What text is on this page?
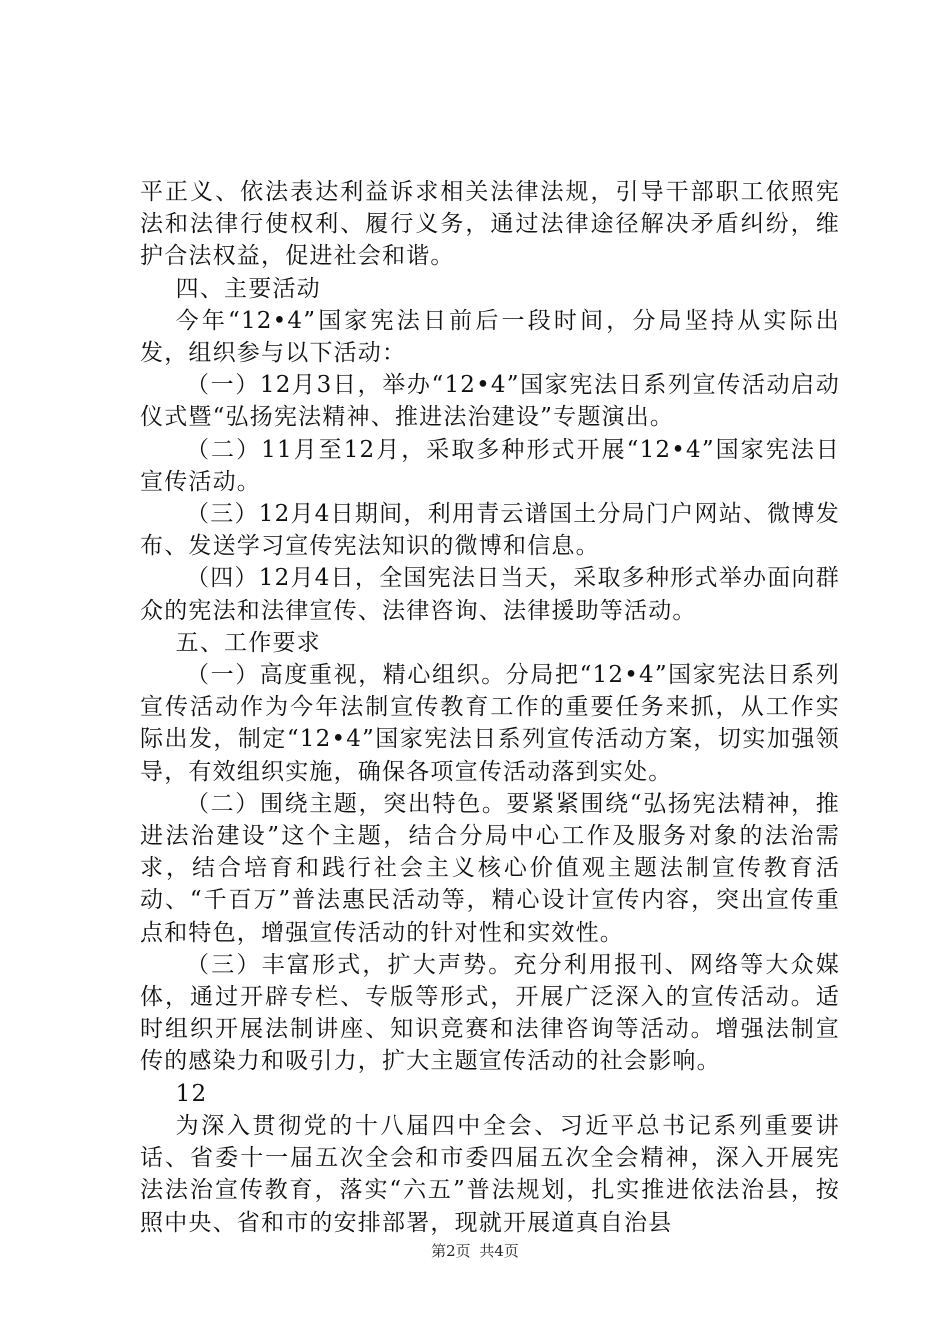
平正义、依法表达利益诉求相关法律法规，引导干部职工依照宪法和法律行使权利、履行义务，通过法律途径解决矛盾纠纷，维护合法权益，促进社会和谐。

四、主要活动

今年“12•4”国家宪法日前后一段时间，分局坚持从实际出发，组织参与以下活动：

（一）12月3日，举办“12•4”国家宪法日系列宣传活动启动仪式暨“弘扬宪法精神、推进法治建设”专题演出。

（二）11月至12月，采取多种形式开展“12•4”国家宪法日宣传活动。

（三）12月4日期间，利用青云谱国土分局门户网站、微博发布、发送学习宣传宪法知识的微博和信息。

（四）12月4日，全国宪法日当天，采取多种形式举办面向群众的宪法和法律宣传、法律咨询、法律援助等活动。

五、工作要求

（一）高度重视，精心组织。分局把“12•4”国家宪法日系列宣传活动作为今年法制宣传教育工作的重要任务来抓，从工作实际出发，制定“12•4”国家宪法日系列宣传活动方案，切实加强领导，有效组织实施，确保各项宣传活动落到实处。

（二）围绕主题，突出特色。要紧紧围绕“弘扬宪法精神，推进法治建设”这个主题，结合分局中心工作及服务对象的法治需求，结合培育和践行社会主义核心价值观主题法制宣传教育活动、“千百万”普法惠民活动等，精心设计宣传内容，突出宣传重点和特色，增强宣传活动的针对性和实效性。

（三）丰富形式，扩大声势。充分利用报刊、网络等大众媒体，通过开辟专栏、专版等形式，开展广泛深入的宣传活动。适时组织开展法制讲座、知识竞赛和法律咨询等活动。增强法制宣传的感染力和吸引力，扩大主题宣传活动的社会影响。

12

为深入贯彻党的十八届四中全会、习近平总书记系列重要讲话、省委十一届五次全会和市委四届五次全会精神，深入开展宪法法治宣传教育，落实“六五”普法规划，扎实推进依法治县，按照中央、省和市的安排部署，现就开展道真自治县

第2页 共4页
